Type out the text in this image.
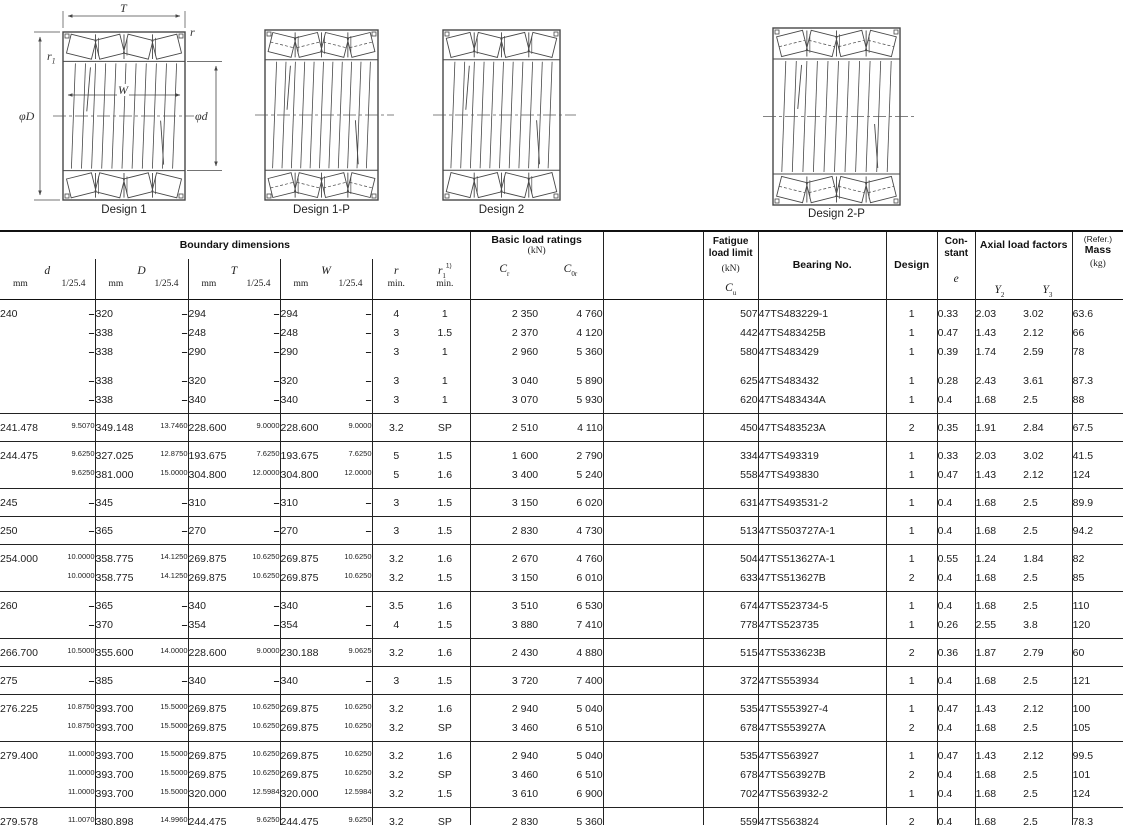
T
r
$r_1$
W
φD	φd
Design 1	Design 1-P	Design 2	Design 2-P
Boundary dimensions	Basic load ratings
(kN)

Fatigue
load limit
(kN)
$C_u$

Bearing No.	Design

Con-
stant
e

Axial load factors

(Refer.)
Mass
(kg)

d
mm	1/25.4

D
mm	1/25.4

T
mm	1/25.4

W
mm	1/25.4

r
min.

$r_1^{1)}$
min.
	$C_r$	$C_{0r}$	$Y_2$	$Y_3$
240	–	320	–	294	–	294	–	4	1	2 350	4 760		507	47TS483229-1	1	0.33	2.03	3.02	63.6
	–	338	–	248	–	248	–	3	1.5	2 370	4 120		442	47TS483425B	1	0.47	1.43	2.12	66
	–	338	–	290	–	290	–	3	1	2 960	5 360		580	47TS483429	1	0.39	1.74	2.59	78

	–	338	–	320	–	320	–	3	1	3 040	5 890		625	47TS483432	1	0.28	2.43	3.61	87.3
	–	338	–	340	–	340	–	3	1	3 070	5 930		620	47TS483434A	1	0.4	1.68	2.5	88
241.478	9.5070	349.148	13.7460	228.600	9.0000	228.600	9.0000	3.2	SP	2 510	4 110		450	47TS483523A	2	0.35	1.91	2.84	67.5
244.475	9.6250	327.025	12.8750	193.675	7.6250	193.675	7.6250	5	1.5	1 600	2 790		334	47TS493319	1	0.33	2.03	3.02	41.5
	9.6250	381.000	15.0000	304.800	12.0000	304.800	12.0000	5	1.6	3 400	5 240		558	47TS493830	1	0.47	1.43	2.12	124
245	–	345	–	310	–	310	–	3	1.5	3 150	6 020		631	47TS493531-2	1	0.4	1.68	2.5	89.9
250	–	365	–	270	–	270	–	3	1.5	2 830	4 730		513	47TS503727A-1	1	0.4	1.68	2.5	94.2
254.000	10.0000	358.775	14.1250	269.875	10.6250	269.875	10.6250	3.2	1.6	2 670	4 760		504	47TS513627A-1	1	0.55	1.24	1.84	82
	10.0000	358.775	14.1250	269.875	10.6250	269.875	10.6250	3.2	1.5	3 150	6 010		633	47TS513627B	2	0.4	1.68	2.5	85
260	–	365	–	340	–	340	–	3.5	1.6	3 510	6 530		674	47TS523734-5	1	0.4	1.68	2.5	110
	–	370	–	354	–	354	–	4	1.5	3 880	7 410		778	47TS523735	1	0.26	2.55	3.8	120
266.700	10.5000	355.600	14.0000	228.600	9.0000	230.188	9.0625	3.2	1.6	2 430	4 880		515	47TS533623B	2	0.36	1.87	2.79	60
275	–	385	–	340	–	340	–	3	1.5	3 720	7 400		372	47TS553934	1	0.4	1.68	2.5	121
276.225	10.8750	393.700	15.5000	269.875	10.6250	269.875	10.6250	3.2	1.6	2 940	5 040		535	47TS553927-4	1	0.47	1.43	2.12	100
	10.8750	393.700	15.5000	269.875	10.6250	269.875	10.6250	3.2	SP	3 460	6 510		678	47TS553927A	2	0.4	1.68	2.5	105
279.400	11.0000	393.700	15.5000	269.875	10.6250	269.875	10.6250	3.2	1.6	2 940	5 040		535	47TS563927	1	0.47	1.43	2.12	99.5
	11.0000	393.700	15.5000	269.875	10.6250	269.875	10.6250	3.2	SP	3 460	6 510		678	47TS563927B	2	0.4	1.68	2.5	101
	11.0000	393.700	15.5000	320.000	12.5984	320.000	12.5984	3.2	1.5	3 610	6 900		702	47TS563932-2	1	0.4	1.68	2.5	124
279.578	11.0070	380.898	14.9960	244.475	9.6250	244.475	9.6250	3.2	SP	2 830	5 360		559	47TS563824	2	0.4	1.68	2.5	78.3
